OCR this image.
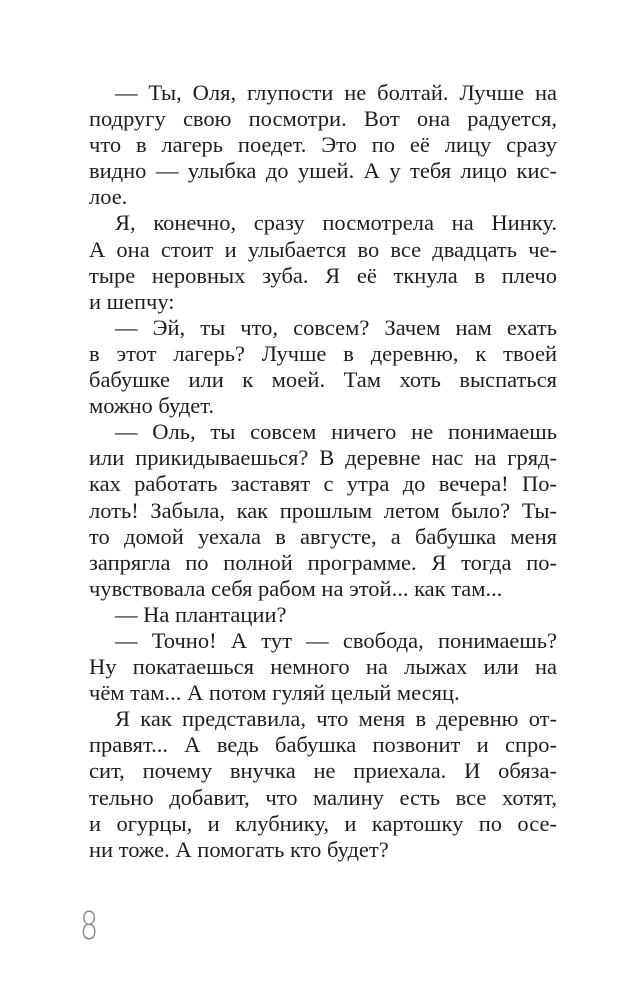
— Ты, Оля, глупости не болтай. Лучше на
подругу свою посмотри. Вот она радуется,
что в лагерь поедет. Это по её лицу сразу
видно — улыбка до ушей. А у тебя лицо кис-
лое.
Я, конечно, сразу посмотрела на Нинку.
А она стоит и улыбается во все двадцать че-
тыре неровных зуба. Я её ткнула в плечо
и шепчу:
— Эй, ты что, совсем? Зачем нам ехать
в этот лагерь? Лучше в деревню, к твоей
бабушке или к моей. Там хоть выспаться
можно будет.
— Оль, ты совсем ничего не понимаешь
или прикидываешься? В деревне нас на гряд-
ках работать заставят с утра до вечера! По-
лоть! Забыла, как прошлым летом было? Ты-
то домой уехала в августе, а бабушка меня
запрягла по полной программе. Я тогда по-
чувствовала себя рабом на этой... как там...
— На плантации?
— Точно! А тут — свобода, понимаешь?
Ну покатаешься немного на лыжах или на
чём там... А потом гуляй целый месяц.
Я как представила, что меня в деревню от-
правят... А ведь бабушка позвонит и спро-
сит, почему внучка не приехала. И обяза-
тельно добавит, что малину есть все хотят,
и огурцы, и клубнику, и картошку по осе-
ни тоже. А помогать кто будет?
8
